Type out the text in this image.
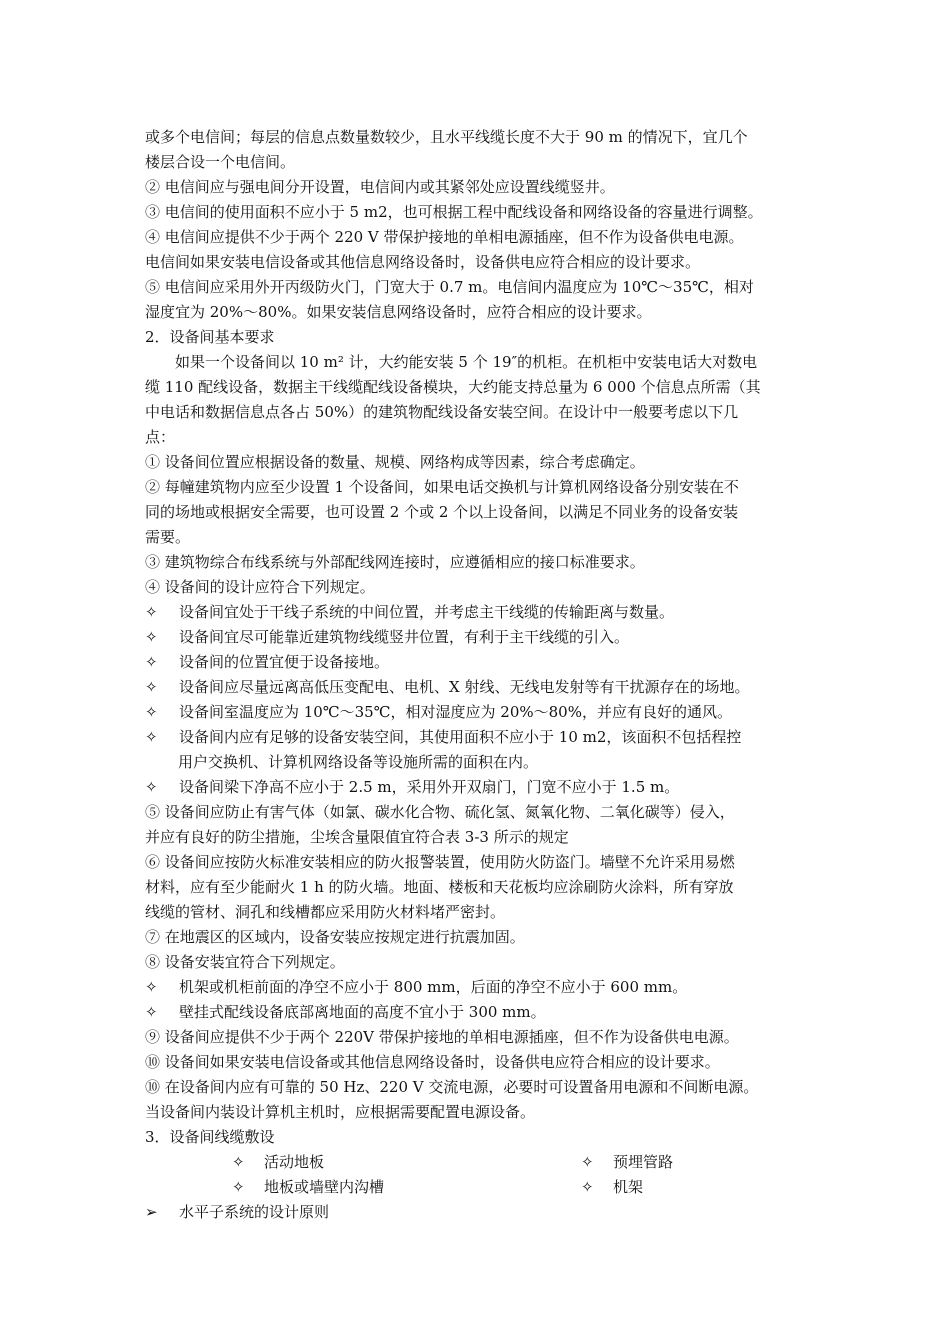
或多个电信间；每层的信息点数量数较少，且水平线缆长度不大于 90 m 的情况下，宜几个
楼层合设一个电信间。
② 电信间应与强电间分开设置，电信间内或其紧邻处应设置线缆竖井。
③ 电信间的使用面积不应小于 5 m2，也可根据工程中配线设备和网络设备的容量进行调整。
④ 电信间应提供不少于两个 220 V 带保护接地的单相电源插座，但不作为设备供电电源。
电信间如果安装电信设备或其他信息网络设备时，设备供电应符合相应的设计要求。
⑤ 电信间应采用外开丙级防火门，门宽大于 0.7 m。电信间内温度应为 10℃～35℃，相对
湿度宜为 20%～80%。如果安装信息网络设备时，应符合相应的设计要求。
2．设备间基本要求
如果一个设备间以 10 m² 计，大约能安装 5 个 19″的机柜。在机柜中安装电话大对数电
缆 110 配线设备，数据主干线缆配线设备模块，大约能支持总量为 6 000 个信息点所需（其
中电话和数据信息点各占 50%）的建筑物配线设备安装空间。在设计中一般要考虑以下几
点：
① 设备间位置应根据设备的数量、规模、网络构成等因素，综合考虑确定。
② 每幢建筑物内应至少设置 1 个设备间，如果电话交换机与计算机网络设备分别安装在不
同的场地或根据安全需要，也可设置 2 个或 2 个以上设备间，以满足不同业务的设备安装
需要。
③ 建筑物综合布线系统与外部配线网连接时，应遵循相应的接口标准要求。
④ 设备间的设计应符合下列规定。
✧ 设备间宜处于干线子系统的中间位置，并考虑主干线缆的传输距离与数量。
✧ 设备间宜尽可能靠近建筑物线缆竖井位置，有利于主干线缆的引入。
✧ 设备间的位置宜便于设备接地。
✧ 设备间应尽量远离高低压变配电、电机、X 射线、无线电发射等有干扰源存在的场地。
✧ 设备间室温度应为 10℃～35℃，相对湿度应为 20%～80%，并应有良好的通风。
✧ 设备间内应有足够的设备安装空间，其使用面积不应小于 10 m2，该面积不包括程控
用户交换机、计算机网络设备等设施所需的面积在内。
✧ 设备间梁下净高不应小于 2.5 m，采用外开双扇门，门宽不应小于 1.5 m。
⑤ 设备间应防止有害气体（如氯、碳水化合物、硫化氢、氮氧化物、二氧化碳等）侵入，
并应有良好的防尘措施，尘埃含量限值宜符合表 3-3 所示的规定
⑥ 设备间应按防火标准安装相应的防火报警装置，使用防火防盗门。墙壁不允许采用易燃
材料，应有至少能耐火 1 h 的防火墙。地面、楼板和天花板均应涂刷防火涂料，所有穿放
线缆的管材、洞孔和线槽都应采用防火材料堵严密封。
⑦ 在地震区的区域内，设备安装应按规定进行抗震加固。
⑧ 设备安装宜符合下列规定。
✧ 机架或机柜前面的净空不应小于 800 mm，后面的净空不应小于 600 mm。
✧ 壁挂式配线设备底部离地面的高度不宜小于 300 mm。
⑨ 设备间应提供不少于两个 220V 带保护接地的单相电源插座，但不作为设备供电电源。
⑩ 设备间如果安装电信设备或其他信息网络设备时，设备供电应符合相应的设计要求。
⑩ 在设备间内应有可靠的 50 Hz、220 V 交流电源，必要时可设置备用电源和不间断电源。
当设备间内装设计算机主机时，应根据需要配置电源设备。
3．设备间线缆敷设
✧ 活动地板	✧ 预埋管路
✧ 地板或墙壁内沟槽	✧ 机架
➢ 水平子系统的设计原则
